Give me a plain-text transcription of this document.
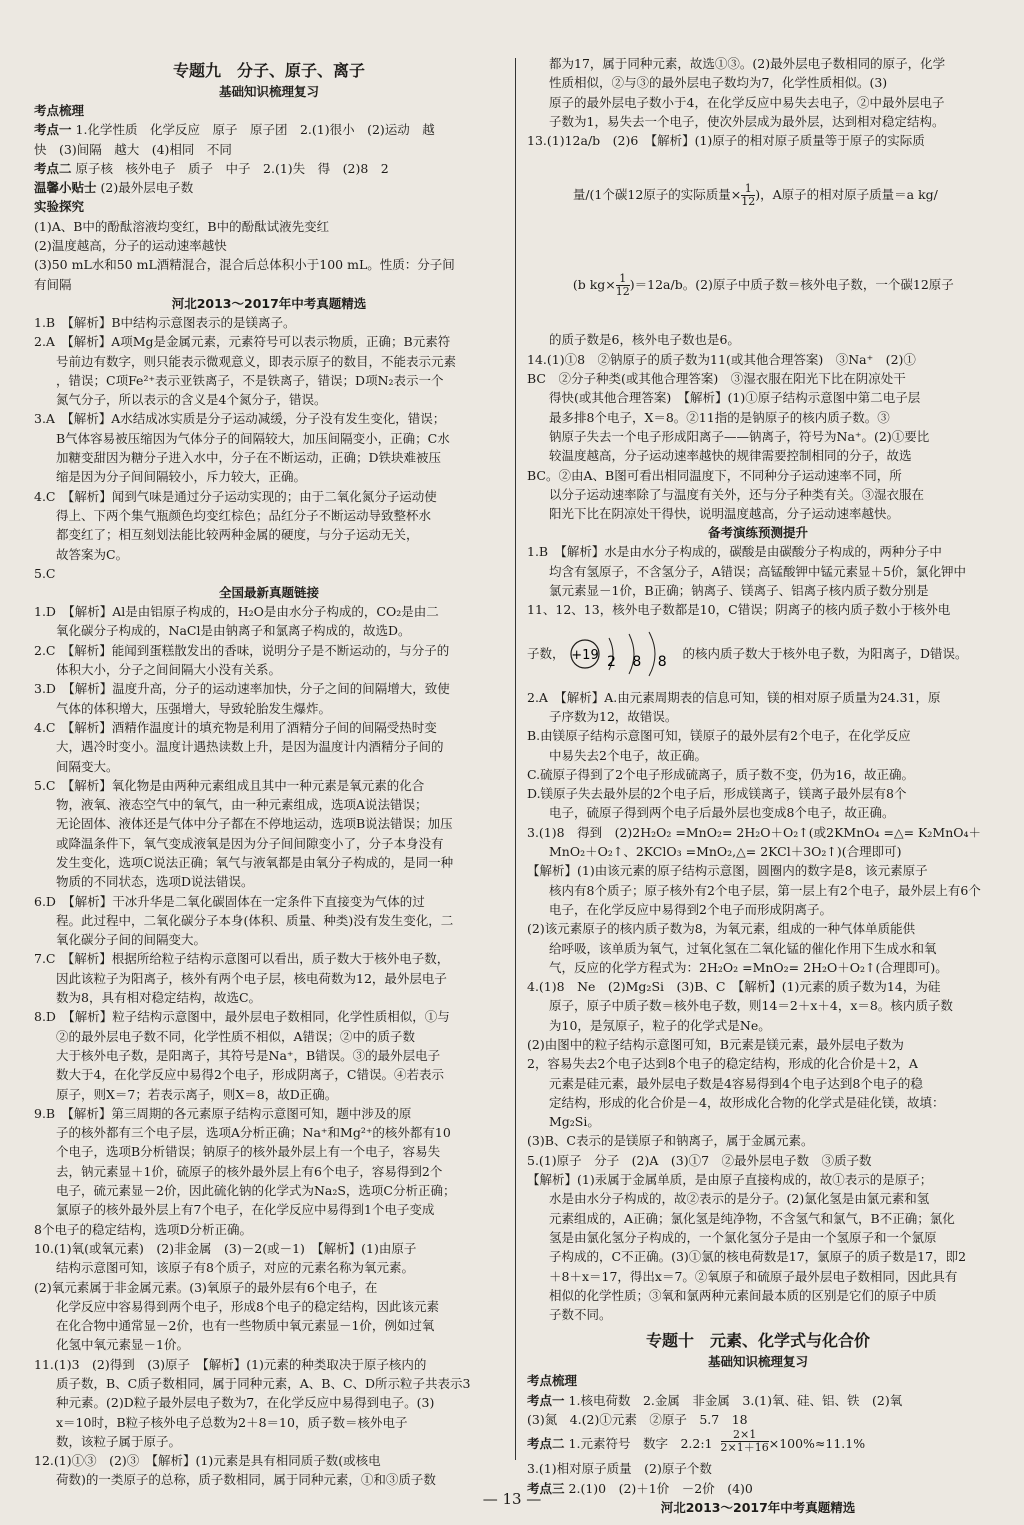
专题九　分子、原子、离子
基础知识梳理复习
考点梳理
考点一 1.化学性质　化学反应　原子　原子团　2.(1)很小　(2)运动　越
快　(3)间隔　越大　(4)相同　不同
考点二 原子核　核外电子　质子　中子　2.(1)失　得　(2)8　2
温馨小贴士 (2)最外层电子数
实验探究
(1)A、B中的酚酞溶液均变红，B中的酚酞试液先变红
(2)温度越高，分子的运动速率越快
(3)50 mL水和50 mL酒精混合，混合后总体积小于100 mL。性质：分子间
有间隔
河北2013～2017年中考真题精选
1.B　【解析】B中结构示意图表示的是镁离子。
2.A　【解析】A项Mg是金属元素，元素符号可以表示物质，正确；B元素符
号前边有数字，则只能表示微观意义，即表示原子的数目，不能表示元素
，错误；C项Fe²⁺表示亚铁离子，不是铁离子，错误；D项N₂表示一个
氮气分子，所以表示的含义是4个氮分子，错误。
3.A　【解析】A水结成冰实质是分子运动减缓，分子没有发生变化，错误；
B气体容易被压缩因为气体分子的间隔较大，加压间隔变小，正确；C水
加糖变甜因为糖分子进入水中，分子在不断运动，正确；D铁块难被压
缩是因为分子间间隔较小，斥力较大，正确。
4.C　【解析】闻到气味是通过分子运动实现的；由于二氧化氮分子运动使
得上、下两个集气瓶颜色均变红棕色；品红分子不断运动导致整杯水
都变红了；相互刻划法能比较两种金属的硬度，与分子运动无关，
故答案为C。
5.C
全国最新真题链接
1.D　【解析】Al是由铝原子构成的，H₂O是由水分子构成的，CO₂是由二
氧化碳分子构成的，NaCl是由钠离子和氯离子构成的，故选D。
2.C　【解析】能闻到蛋糕散发出的香味，说明分子是不断运动的，与分子的
体积大小，分子之间间隔大小没有关系。
3.D　【解析】温度升高，分子的运动速率加快，分子之间的间隔增大，致使
气体的体积增大，压强增大，导致轮胎发生爆炸。
4.C　【解析】酒精作温度计的填充物是利用了酒精分子间的间隔受热时变
大，遇冷时变小。温度计遇热读数上升，是因为温度计内酒精分子间的
间隔变大。
5.C　【解析】氧化物是由两种元素组成且其中一种元素是氧元素的化合
物，液氧、液态空气中的氧气，由一种元素组成，选项A说法错误；
无论固体、液体还是气体中分子都在不停地运动，选项B说法错误；加压
或降温条件下，氧气变成液氧是因为分子间间隙变小了，分子本身没有
发生变化，选项C说法正确；氧气与液氧都是由氧分子构成的，是同一种
物质的不同状态，选项D说法错误。
6.D　【解析】干冰升华是二氧化碳固体在一定条件下直接变为气体的过
程。此过程中，二氧化碳分子本身(体积、质量、种类)没有发生变化，二
氧化碳分子间的间隔变大。
7.C　【解析】根据所给粒子结构示意图可以看出，质子数大于核外电子数，
因此该粒子为阳离子，核外有两个电子层，核电荷数为12，最外层电子
数为8，具有相对稳定结构，故选C。
8.D　【解析】粒子结构示意图中，最外层电子数相同，化学性质相似，①与
②的最外层电子数不同，化学性质不相似，A错误；②中的质子数
大于核外电子数，是阳离子，其符号是Na⁺，B错误。③的最外层电子
数大于4，在化学反应中易得2个电子，形成阴离子，C错误。④若表示
原子，则X＝7；若表示离子，则X＝8，故D正确。
9.B　【解析】第三周期的各元素原子结构示意图可知，题中涉及的原
子的核外都有三个电子层，选项A分析正确；Na⁺和Mg²⁺的核外都有10
个电子，选项B分析错误；钠原子的核外最外层上有一个电子，容易失
去，钠元素显＋1价，硫原子的核外最外层上有6个电子，容易得到2个
电子，硫元素显－2价，因此硫化钠的化学式为Na₂S，选项C分析正确；
氯原子的核外最外层上有7个电子，在化学反应中易得到1个电子变成
8个电子的稳定结构，选项D分析正确。
10.(1)氧(或氧元素)　(2)非金属　(3)－2(或－1)　【解析】(1)由原子
结构示意图可知，该原子有8个质子，对应的元素名称为氧元素。
(2)氧元素属于非金属元素。(3)氧原子的最外层有6个电子，在
化学反应中容易得到两个电子，形成8个电子的稳定结构，因此该元素
在化合物中通常显－2价，也有一些物质中氧元素显－1价，例如过氧
化氢中氧元素显－1价。
11.(1)3　(2)得到　(3)原子　【解析】(1)元素的种类取决于原子核内的
质子数，B、C质子数相同，属于同种元素，A、B、C、D所示粒子共表示3
种元素。(2)D粒子最外层电子数为7，在化学反应中易得到电子。(3)
x＝10时，B粒子核外电子总数为2＋8＝10，质子数＝核外电子
数，该粒子属于原子。
12.(1)①③　(2)③　【解析】(1)元素是具有相同质子数(或核电
荷数)的一类原子的总称，质子数相同，属于同种元素，①和③质子数
都为17，属于同种元素，故选①③。(2)最外层电子数相同的原子，化学
性质相似，②与③的最外层电子数均为7，化学性质相似。(3)
原子的最外层电子数小于4，在化学反应中易失去电子，②中最外层电子
子数为1，易失去一个电子，使次外层成为最外层，达到相对稳定结构。
13.(1)12a/b　(2)6　【解析】(1)原子的相对原子质量等于原子的实际质

量/(1个碳12原子的实际质量× $\frac{1}{12}$ )，A原子的相对原子质量＝a kg/

(b $kg\times \frac{1}{12} )=12a/b$。(2)原子中质子数＝核外电子数，一个碳12原子

的质子数是6，核外电子数也是6。
14.(1)①8　②钠原子的质子数为11(或其他合理答案)　③Na⁺　(2)①
BC　②分子种类(或其他合理答案)　③湿衣服在阳光下比在阴凉处干
得快(或其他合理答案)　【解析】(1)①原子结构示意图中第二电子层
最多排8个电子，X＝8。②11指的是钠原子的核内质子数。③
钠原子失去一个电子形成阳离子——钠离子，符号为Na⁺。(2)①要比
较温度越高，分子运动速率越快的规律需要控制相同的分子，故选
BC。②由A、B图可看出相同温度下，不同种分子运动速率不同，所
以分子运动速率除了与温度有关外，还与分子种类有关。③湿衣服在
阳光下比在阴凉处干得快，说明温度越高，分子运动速率越快。
备考演练预测提升
1.B　【解析】水是由水分子构成的，碳酸是由碳酸分子构成的，两种分子中
均含有氢原子，不含氢分子，A错误；高锰酸钾中锰元素显＋5价，氯化钾中
氯元素显－1价，B正确；钠离子、镁离子、铝离子核内质子数分别是
11、12、13，核外电子数都是10，C错误；阴离子的核内质子数小于核外电
子数， +19 2 8 8
的核内质子数大于核外电子数，为阳离子，D错误。
2.A　【解析】A.由元素周期表的信息可知，镁的相对原子质量为24.31，原
子序数为12，故错误。
B.由镁原子结构示意图可知，镁原子的最外层有2个电子，在化学反应
中易失去2个电子，故正确。
C.硫原子得到了2个电子形成硫离子，质子数不变，仍为16，故正确。
D.镁原子失去最外层的2个电子后，形成镁离子，镁离子最外层有8个
电子，硫原子得到两个电子后最外层也变成8个电子，故正确。
3.(1)8　得到　(2)2H₂O₂ =MnO₂= 2H₂O＋O₂↑(或2KMnO₄ =△= K₂MnO₄＋
MnO₂＋O₂↑、2KClO₃ =MnO₂,△= 2KCl＋3O₂↑)(合理即可)
【解析】(1)由该元素的原子结构示意图，圆圈内的数字是8，该元素原子
核内有8个质子；原子核外有2个电子层，第一层上有2个电子，最外层上有6个
电子，在化学反应中易得到2个电子而形成阴离子。
(2)该元素原子的核内质子数为8，为氧元素，组成的一种气体单质能供
给呼吸，该单质为氧气，过氧化氢在二氧化锰的催化作用下生成水和氧
气，反应的化学方程式为：2H₂O₂ =MnO₂= 2H₂O＋O₂↑(合理即可)。
4.(1)8　Ne　(2)Mg₂Si　(3)B、C　【解析】(1)元素的质子数为14，为硅
原子，原子中质子数＝核外电子数，则14＝2＋x＋4，x＝8。核内质子数
为10，是氖原子，粒子的化学式是Ne。
(2)由图中的粒子结构示意图可知，B元素是镁元素，最外层电子数为
2，容易失去2个电子达到8个电子的稳定结构，形成的化合价是＋2，A
元素是硅元素，最外层电子数是4容易得到4个电子达到8个电子的稳
定结构，形成的化合价是－4，故形成化合物的化学式是硅化镁，故填：Mg₂Si。
(3)B、C表示的是镁原子和钠离子，属于金属元素。
5.(1)原子　分子　(2)A　(3)①7　②最外层电子数　③质子数
【解析】(1)汞属于金属单质，是由原子直接构成的，故①表示的是原子；
水是由水分子构成的，故②表示的是分子。(2)氯化氢是由氯元素和氢
元素组成的，A正确；氯化氢是纯净物，不含氢气和氯气，B不正确；氯化
氢是由氯化氢分子构成的，一个氯化氢分子是由一个氢原子和一个氯原
子构成的，C不正确。(3)①氯的核电荷数是17，氯原子的质子数是17，即2
＋8＋x＝17，得出x＝7。②氧原子和硫原子最外层电子数相同，因此具有
相似的化学性质；③氧和氯两种元素间最本质的区别是它们的原子中质
子数不同。
专题十　元素、化学式与化合价
基础知识梳理复习
考点梳理
考点一 1.核电荷数　2.金属　非金属　3.(1)氧、硅、铝、铁　(2)氧
(3)氮　4.(2)①元素　②原子　5.7　18
考点二 1.元素符号　数字　2.2:1 $\frac{2\times 1}{2\times 1+16} \times 100\%\approx 11.1\%$
3.(1)相对原子质量　(2)原子个数
考点三 2.(1)0　(2)＋1价　－2价　(4)0
河北2013～2017年中考真题精选
— 13 —
